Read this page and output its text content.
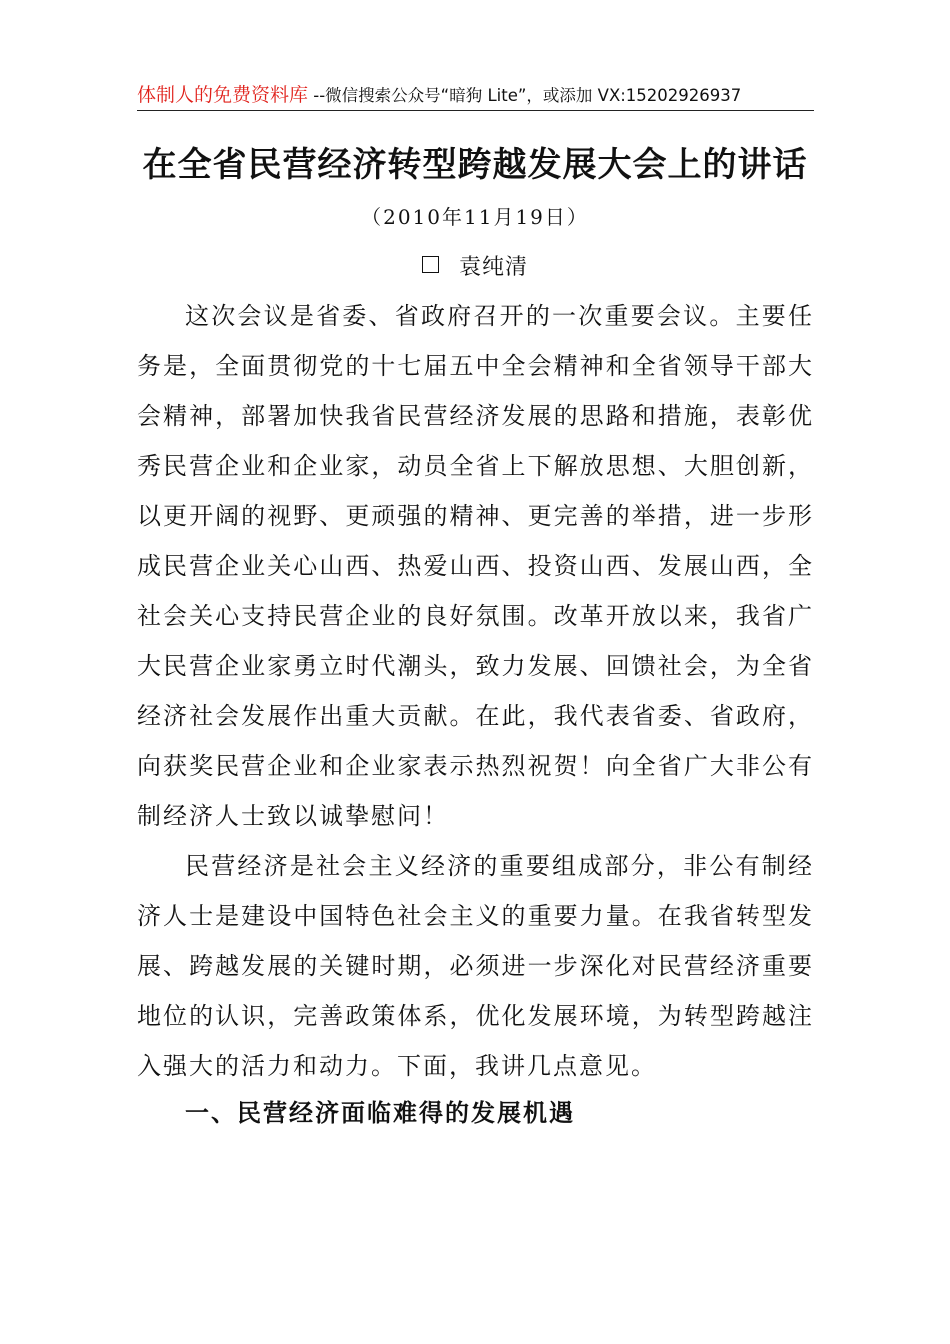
体制人的免费资料库 --微信搜索公众号“暗狗 Lite”，或添加 VX:15202926937
在全省民营经济转型跨越发展大会上的讲话
（2010年11月19日）
袁纯清

这次会议是省委、省政府召开的一次重要会议。主要任务是，全面贯彻党的十七届五中全会精神和全省领导干部大会精神，部署加快我省民营经济发展的思路和措施，表彰优秀民营企业和企业家，动员全省上下解放思想、大胆创新，以更开阔的视野、更顽强的精神、更完善的举措，进一步形成民营企业关心山西、热爱山西、投资山西、发展山西，全社会关心支持民营企业的良好氛围。改革开放以来，我省广大民营企业家勇立时代潮头，致力发展、回馈社会，为全省经济社会发展作出重大贡献。在此，我代表省委、省政府，向获奖民营企业和企业家表示热烈祝贺！向全省广大非公有制经济人士致以诚挚慰问！

民营经济是社会主义经济的重要组成部分，非公有制经济人士是建设中国特色社会主义的重要力量。在我省转型发展、跨越发展的关键时期，必须进一步深化对民营经济重要地位的认识，完善政策体系，优化发展环境，为转型跨越注入强大的活力和动力。下面，我讲几点意见。

一、民营经济面临难得的发展机遇
